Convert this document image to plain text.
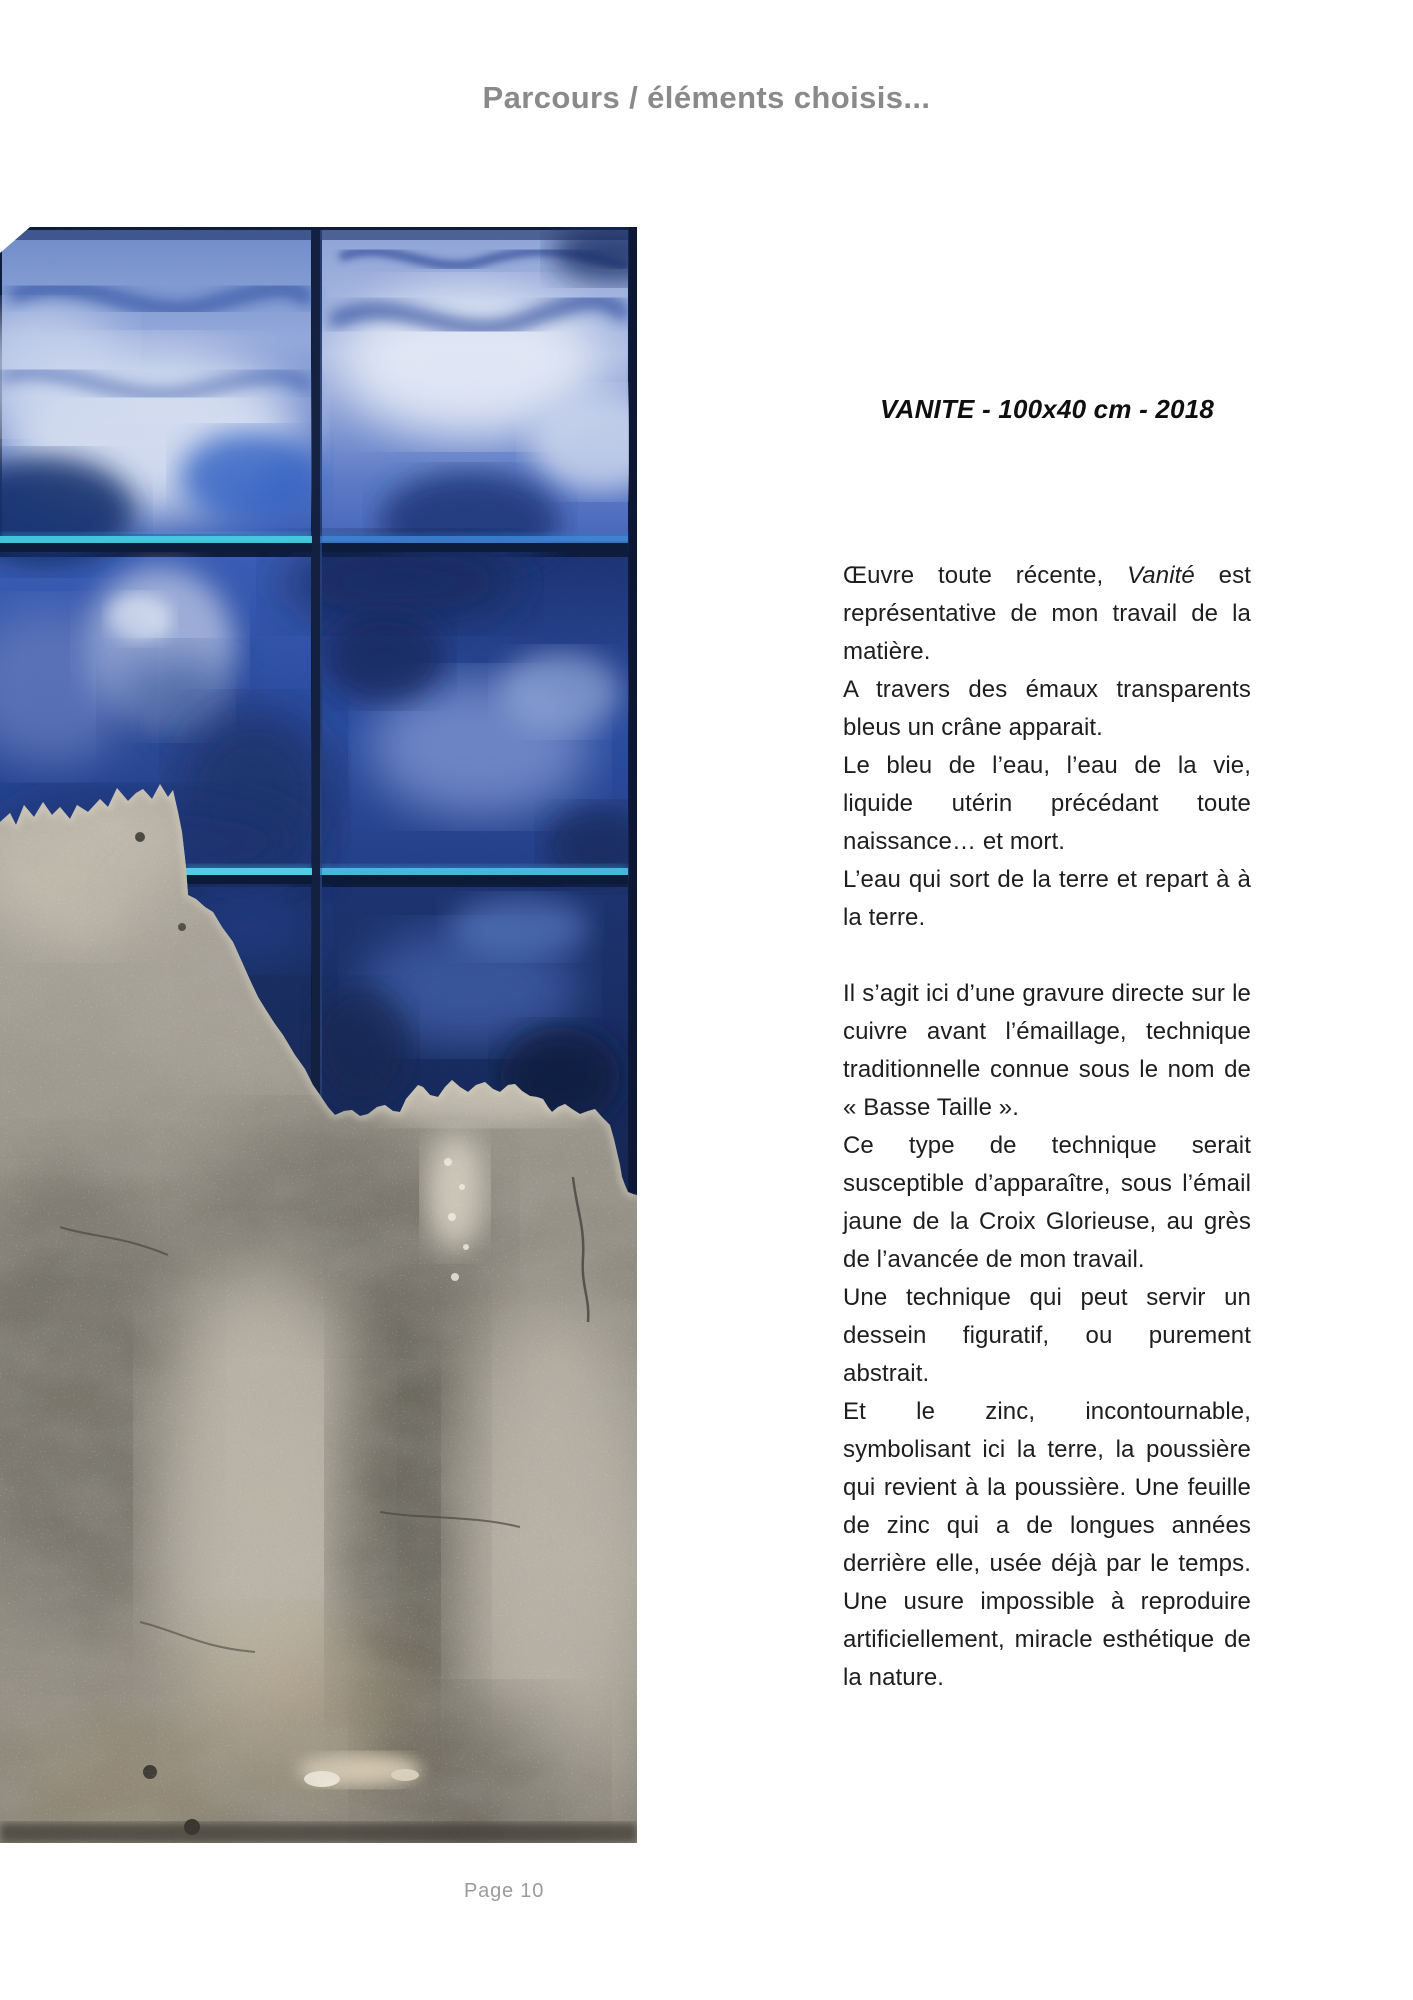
Parcours / éléments choisis...
VANITE - 100x40 cm - 2018

Œuvre toute récente, Vanité est représentative de mon travail de la matière.

A travers des émaux transparents bleus un crâne apparait.

Le bleu de l’eau, l’eau de la vie, liquide utérin précédant toute naissance… et mort.

L’eau qui sort de la terre et repart à à la terre.

Il s’agit ici d’une gravure directe sur le cuivre avant l’émaillage, technique traditionnelle connue sous le nom de « Basse Taille ».

Ce type de technique serait susceptible d’apparaître, sous l’émail jaune de la Croix Glorieuse, au grès de l’avancée de mon travail.

Une technique qui peut servir un dessein figuratif, ou purement abstrait.

Et le zinc, incontournable, symbolisant ici la terre, la poussière qui revient à la poussière. Une feuille de zinc qui a de longues années derrière elle, usée déjà par le temps. Une usure impossible à reproduire artificiellement, miracle esthétique de la nature.

Page 10
